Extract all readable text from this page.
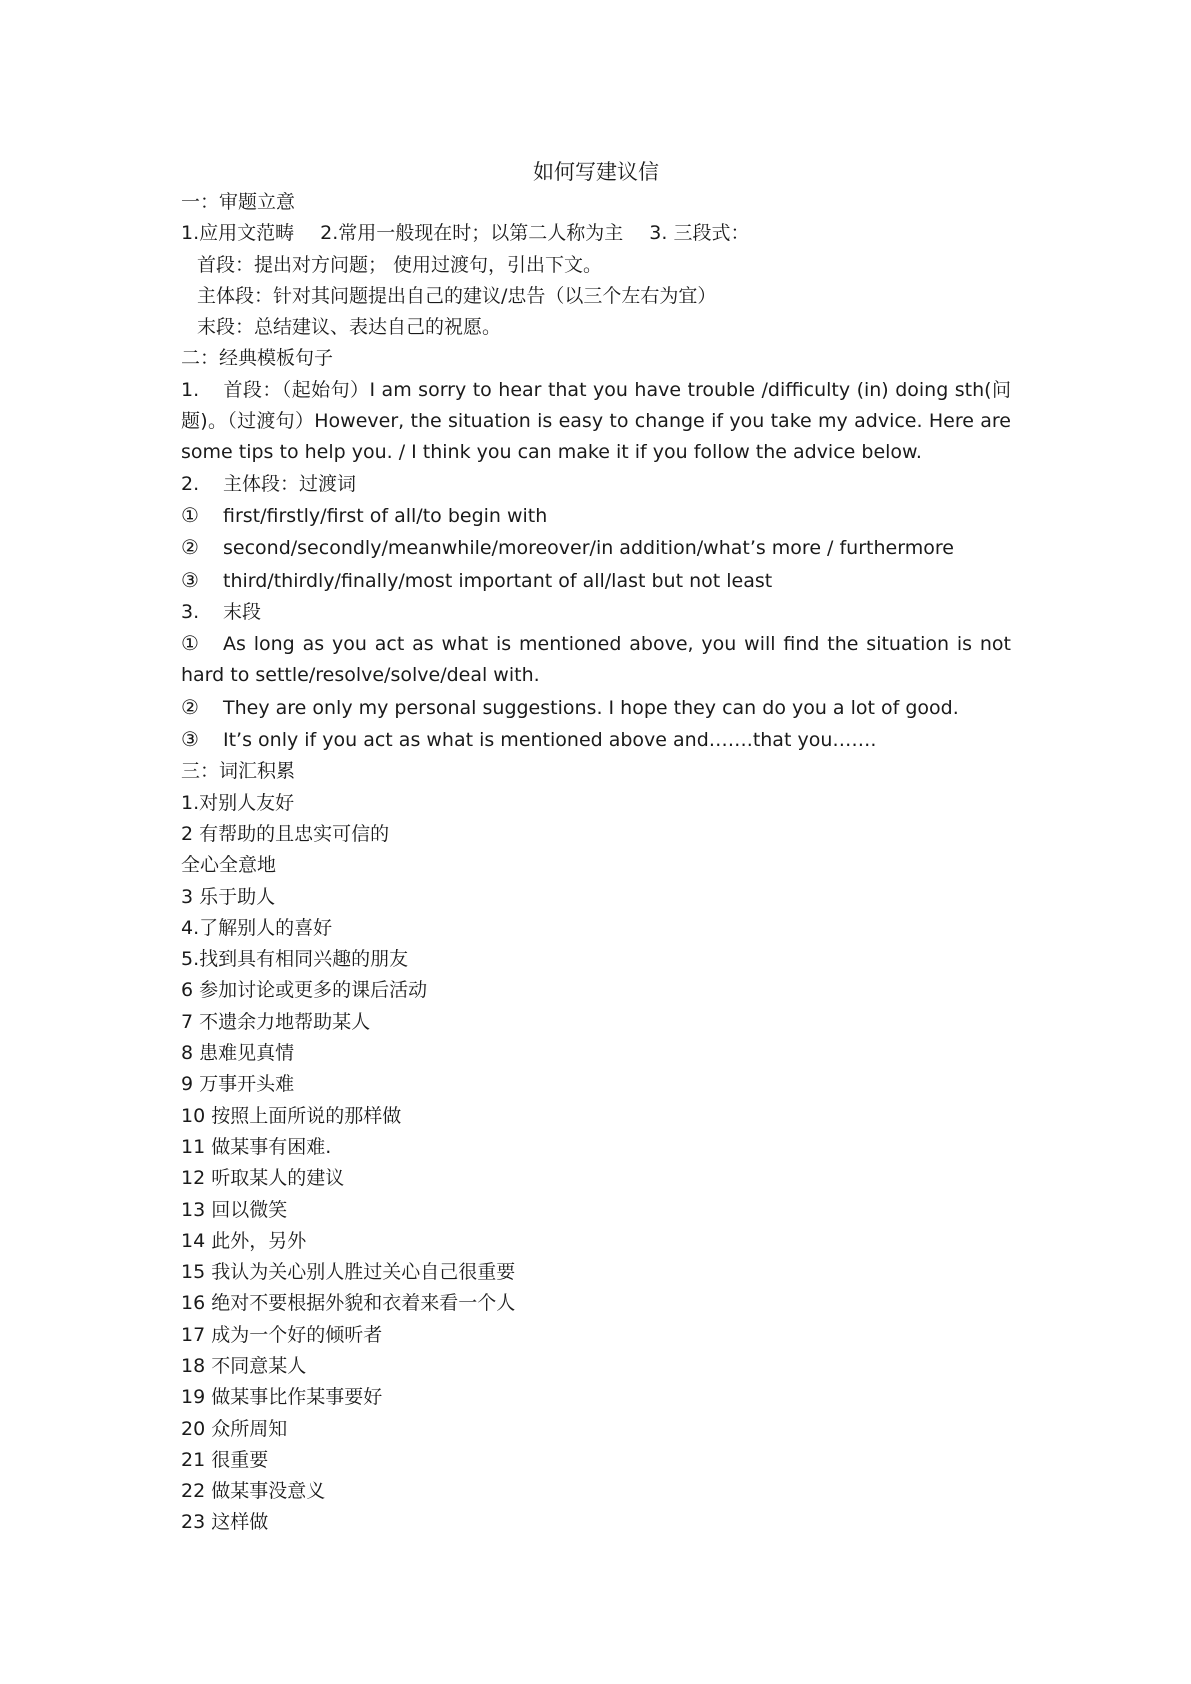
如何写建议信
一：审题立意
1.应用文范畴 2.常用一般现在时；以第二人称为主 3. 三段式：
首段：提出对方问题； 使用过渡句，引出下文。
主体段：针对其问题提出自己的建议/忠告（以三个左右为宜）
末段：总结建议、表达自己的祝愿。
二：经典模板句子
1. 首段：（起始句）I am sorry to hear that you have trouble /difficulty (in) doing sth(问题)。（过渡句）However, the situation is easy to change if you take my advice. Here are some tips to help you. / I think you can make it if you follow the advice below.
2. 主体段：过渡词
① first/firstly/first of all/to begin with
② second/secondly/meanwhile/moreover/in addition/what’s more / furthermore
③ third/thirdly/finally/most important of all/last but not least
3. 末段
① As long as you act as what is mentioned above, you will find the situation is not hard to settle/resolve/solve/deal with.
② They are only my personal suggestions. I hope they can do you a lot of good.
③ It’s only if you act as what is mentioned above and…….that you…….
三：词汇积累
1.对别人友好
2 有帮助的且忠实可信的
全心全意地
3 乐于助人
4.了解别人的喜好
5.找到具有相同兴趣的朋友
6 参加讨论或更多的课后活动
7 不遗余力地帮助某人
8 患难见真情
9 万事开头难
10 按照上面所说的那样做
11 做某事有困难.
12 听取某人的建议
13 回以微笑
14 此外，另外
15 我认为关心别人胜过关心自己很重要
16 绝对不要根据外貌和衣着来看一个人
17 成为一个好的倾听者
18 不同意某人
19 做某事比作某事要好
20 众所周知
21 很重要
22 做某事没意义
23 这样做
